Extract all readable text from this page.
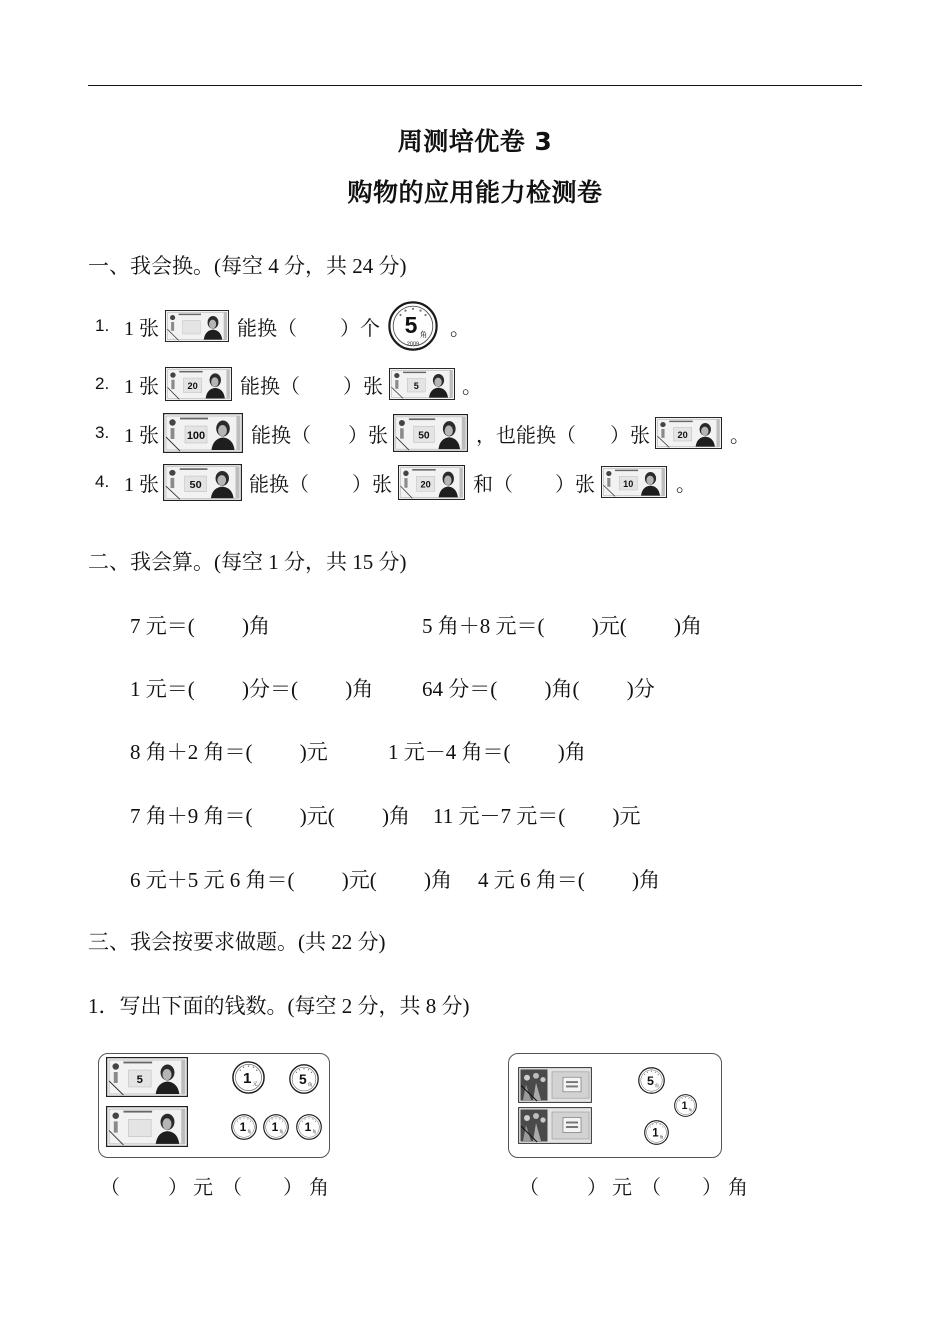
周测培优卷 3
购物的应用能力检测卷
一、我会换。(每空 4 分，共 24 分)
1. 1 张	能换（ ）个 5 角
2009
。
2. 1 张	20 能换（ ）张	5 。
3. 1 张	100 能换（ ）张	50 ，也能换（ ）张	20 。
4. 1 张	50 能换（ ）张	20 和（ ）张	10 。
二、我会算。(每空 1 分，共 15 分)
7 元＝(         )角	5 角＋8 元＝(         )元(         )角
1 元＝(         )分＝(         )角 64 分＝(         )角(         )分
8 角＋2 角＝(         )元	1 元－4 角＝(         )角
7 角＋9 角＝(         )元(         )角 11 元－7 元＝(         )元
6 元＋5 元 6 角＝(         )元(         )角 4 元 6 角＝(         )角
三、我会按要求做题。(共 22 分)
1．写出下面的钱数。(每空 2 分，共 8 分)
5	1 元 5 角
1 角 1 角 1 角
5 角
1 角
1 角
（ ） 元 （ ） 角	（ ） 元 （ ） 角
